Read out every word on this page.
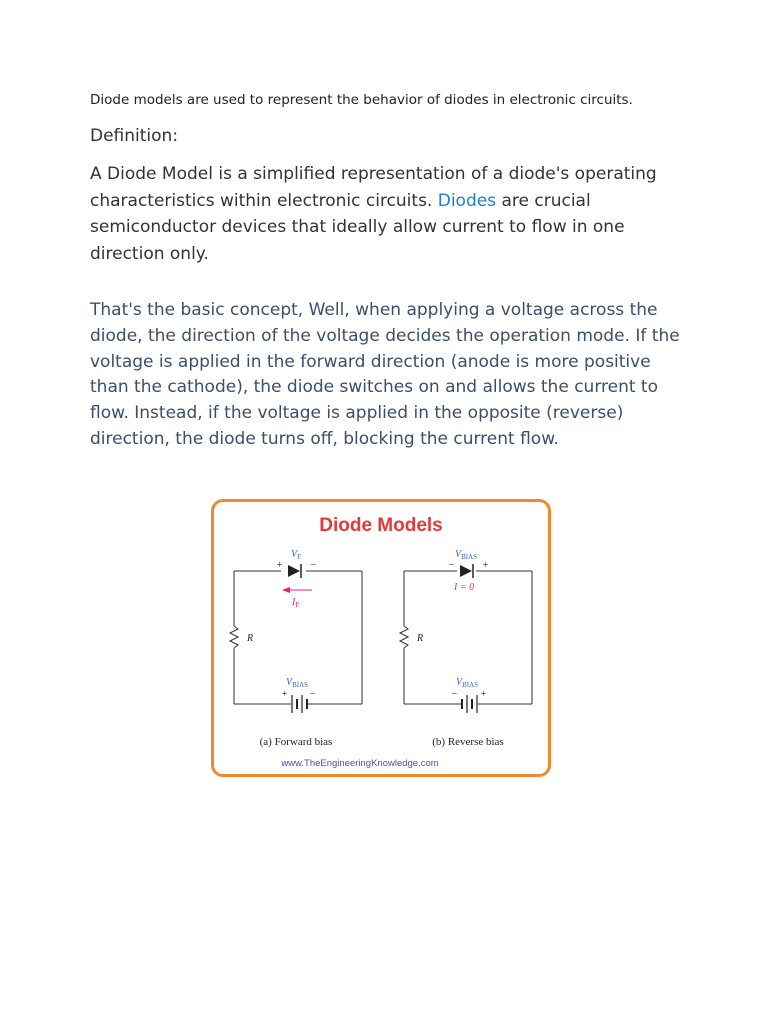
Diode models are used to represent the behavior of diodes in electronic circuits.

Definition:

A Diode Model is a simplified representation of a diode's operating characteristics within electronic circuits. Diodes are crucial semiconductor devices that ideally allow current to flow in one direction only.

That's the basic concept, Well, when applying a voltage across the diode, the direction of the voltage decides the operation mode. If the voltage is applied in the forward direction (anode is more positive than the cathode), the diode switches on and allows the current to flow. Instead, if the voltage is applied in the opposite (reverse) direction, the diode turns off, blocking the current flow.

Diode Models
$V_F$
+	−
$I_F$
R
$V_{BIAS}$
+ −
(a) Forward bias
$V_{BIAS}$
−	+
I = 0
R
$V_{BIAS}$
− +
(b) Reverse bias
www.TheEngineeringKnowledge.com
